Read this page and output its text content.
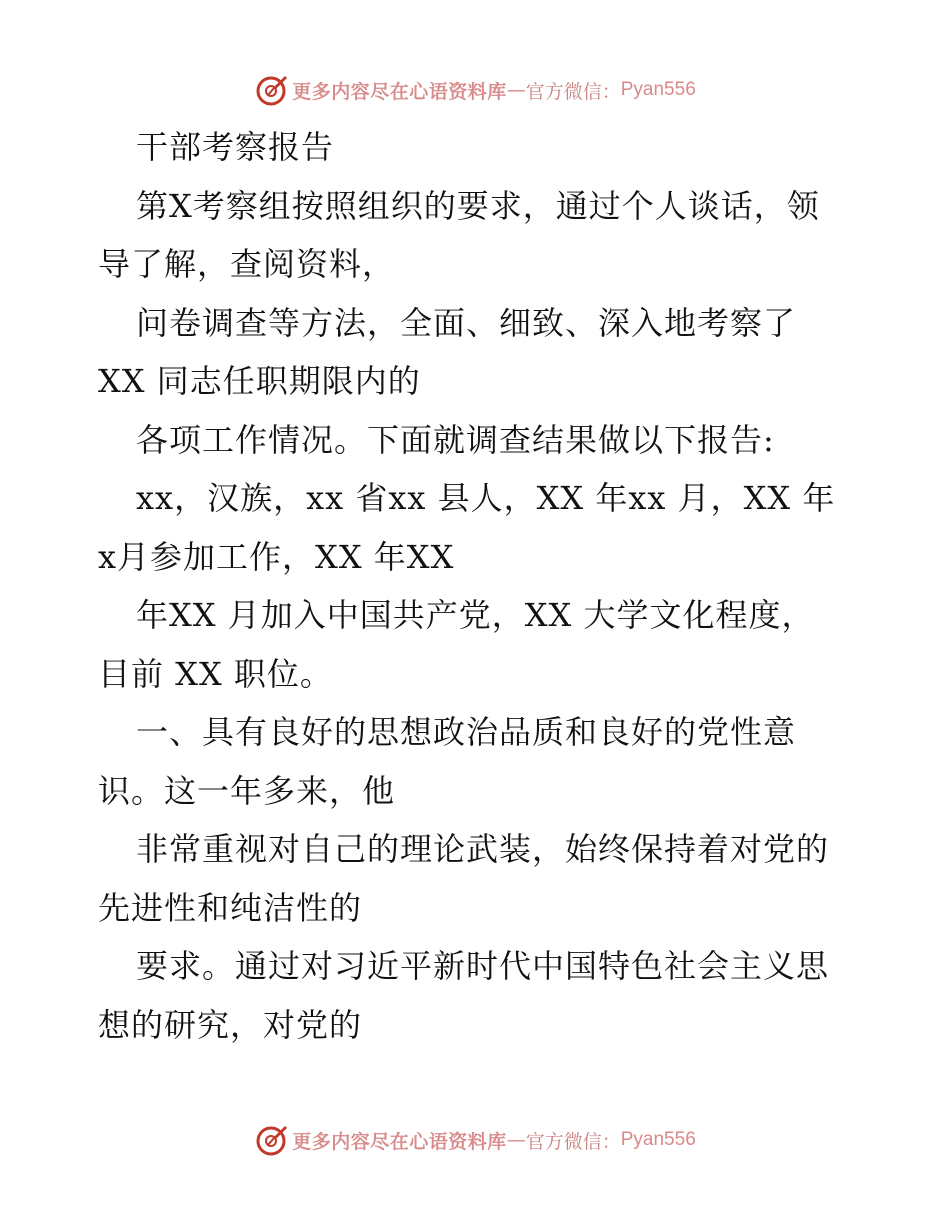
更多内容尽在心语资料库 — 官方微信： Pyan556
干部考察报告
第X考察组按照组织的要求，通过个人谈话，领
导了解，查阅资料，
问卷调查等方法，全面、细致、深入地考察了
XX 同志任职期限内的
各项工作情况。下面就调查结果做以下报告:
xx，汉族，xx 省xx 县人，XX 年xx 月，XX 年
x月参加工作，XX 年XX
年XX 月加入中国共产党，XX 大学文化程度，
目前 XX 职位。
一、具有良好的思想政治品质和良好的党性意
识。这一年多来，他
非常重视对自己的理论武装，始终保持着对党的
先进性和纯洁性的
要求。通过对习近平新时代中国特色社会主义思
想的研究，对党的
更多内容尽在心语资料库 — 官方微信： Pyan556
